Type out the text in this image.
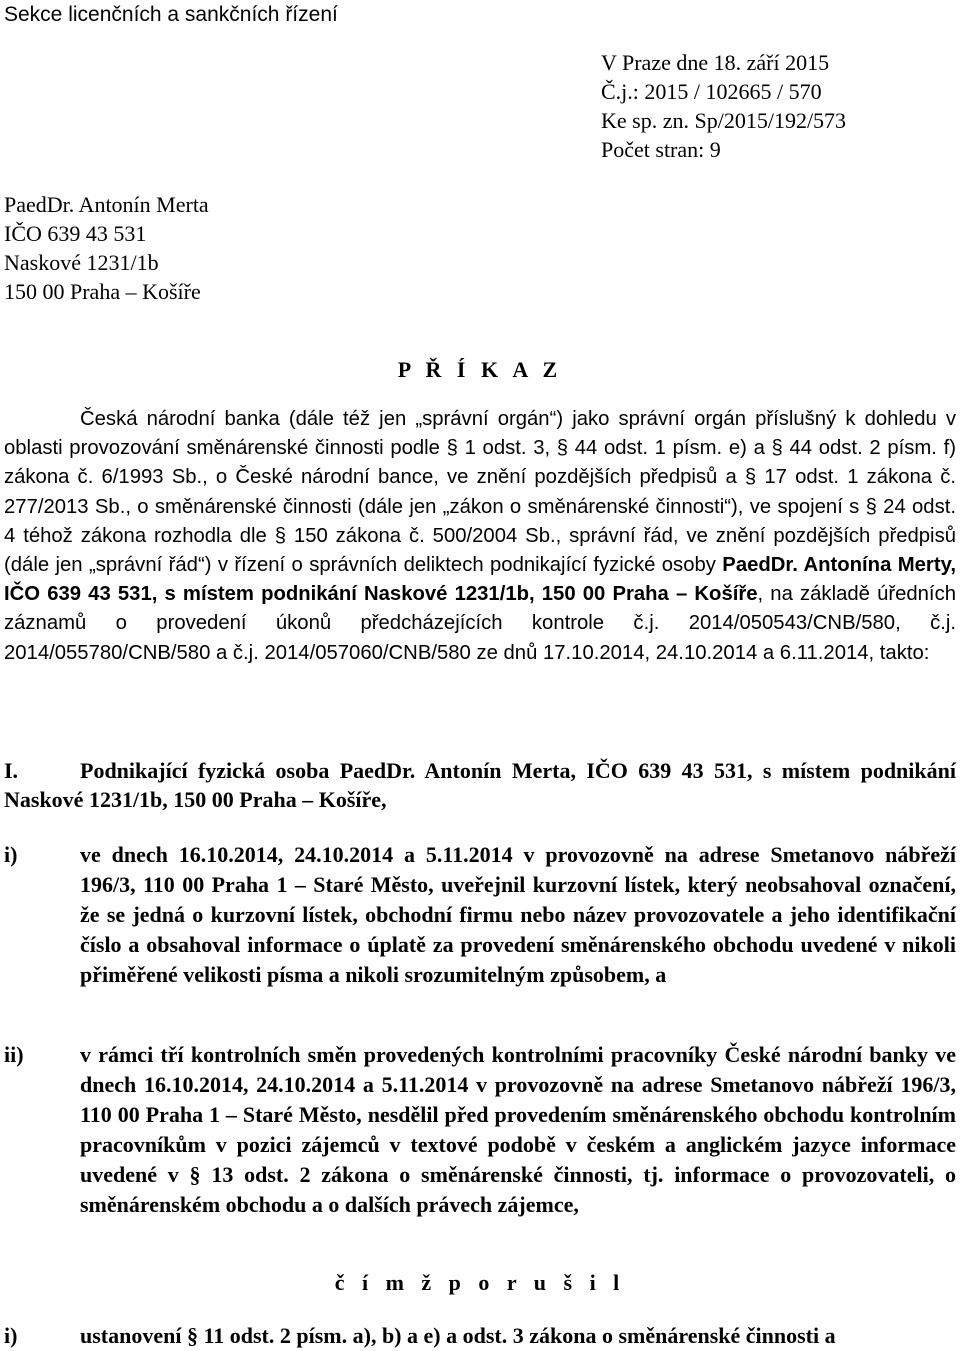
Sekce licenčních a sankčních řízení
V Praze dne 18. září 2015
Č.j.: 2015 / 102665 / 570
Ke sp. zn. Sp/2015/192/573
Počet stran: 9
PaedDr. Antonín Merta
IČO 639 43 531
Naskové 1231/1b
150 00 Praha – Košíře
P Ř Í K A Z
Česká národní banka (dále též jen „správní orgán“) jako správní orgán příslušný k dohledu v oblasti provozování směnárenské činnosti podle § 1 odst. 3, § 44 odst. 1 písm. e) a § 44 odst. 2 písm. f) zákona č. 6/1993 Sb., o České národní bance, ve znění pozdějších předpisů a § 17 odst. 1 zákona č. 277/2013 Sb., o směnárenské činnosti (dále jen „zákon o směnárenské činnosti“), ve spojení s § 24 odst. 4 téhož zákona rozhodla dle § 150 zákona č. 500/2004 Sb., správní řád, ve znění pozdějších předpisů (dále jen „správní řád“) v řízení o správních deliktech podnikající fyzické osoby PaedDr. Antonína Merty, IČO 639 43 531, s místem podnikání Naskové 1231/1b, 150 00 Praha – Košíře, na základě úředních záznamů o provedení úkonů předcházejících kontrole č.j. 2014/050543/CNB/580, č.j. 2014/055780/CNB/580 a č.j. 2014/057060/CNB/580 ze dnů 17.10.2014, 24.10.2014 a 6.11.2014, takto:
I.	Podnikající fyzická osoba PaedDr. Antonín Merta, IČO 639 43 531, s místem podnikání Naskové 1231/1b, 150 00 Praha – Košíře,
i)	ve dnech 16.10.2014, 24.10.2014 a 5.11.2014 v provozovně na adrese Smetanovo nábřeží 196/3, 110 00 Praha 1 – Staré Město, uveřejnil kurzovní lístek, který neobsahoval označení, že se jedná o kurzovní lístek, obchodní firmu nebo název provozovatele a jeho identifikační číslo a obsahoval informace o úplatě za provedení směnárenského obchodu uvedené v nikoli přiměřené velikosti písma a nikoli srozumitelným způsobem, a
ii)	v rámci tří kontrolních směn provedených kontrolními pracovníky České národní banky ve dnech 16.10.2014, 24.10.2014 a 5.11.2014 v provozovně na adrese Smetanovo nábřeží 196/3, 110 00 Praha 1 – Staré Město, nesdělil před provedením směnárenského obchodu kontrolním pracovníkům v pozici zájemců v textové podobě v českém a anglickém jazyce informace uvedené v § 13 odst. 2 zákona o směnárenské činnosti, tj. informace o provozovateli, o směnárenském obchodu a o dalších právech zájemce,
č í m ž p o r u š i l
i)	ustanovení § 11 odst. 2 písm. a), b) a e) a odst. 3 zákona o směnárenské činnosti a
